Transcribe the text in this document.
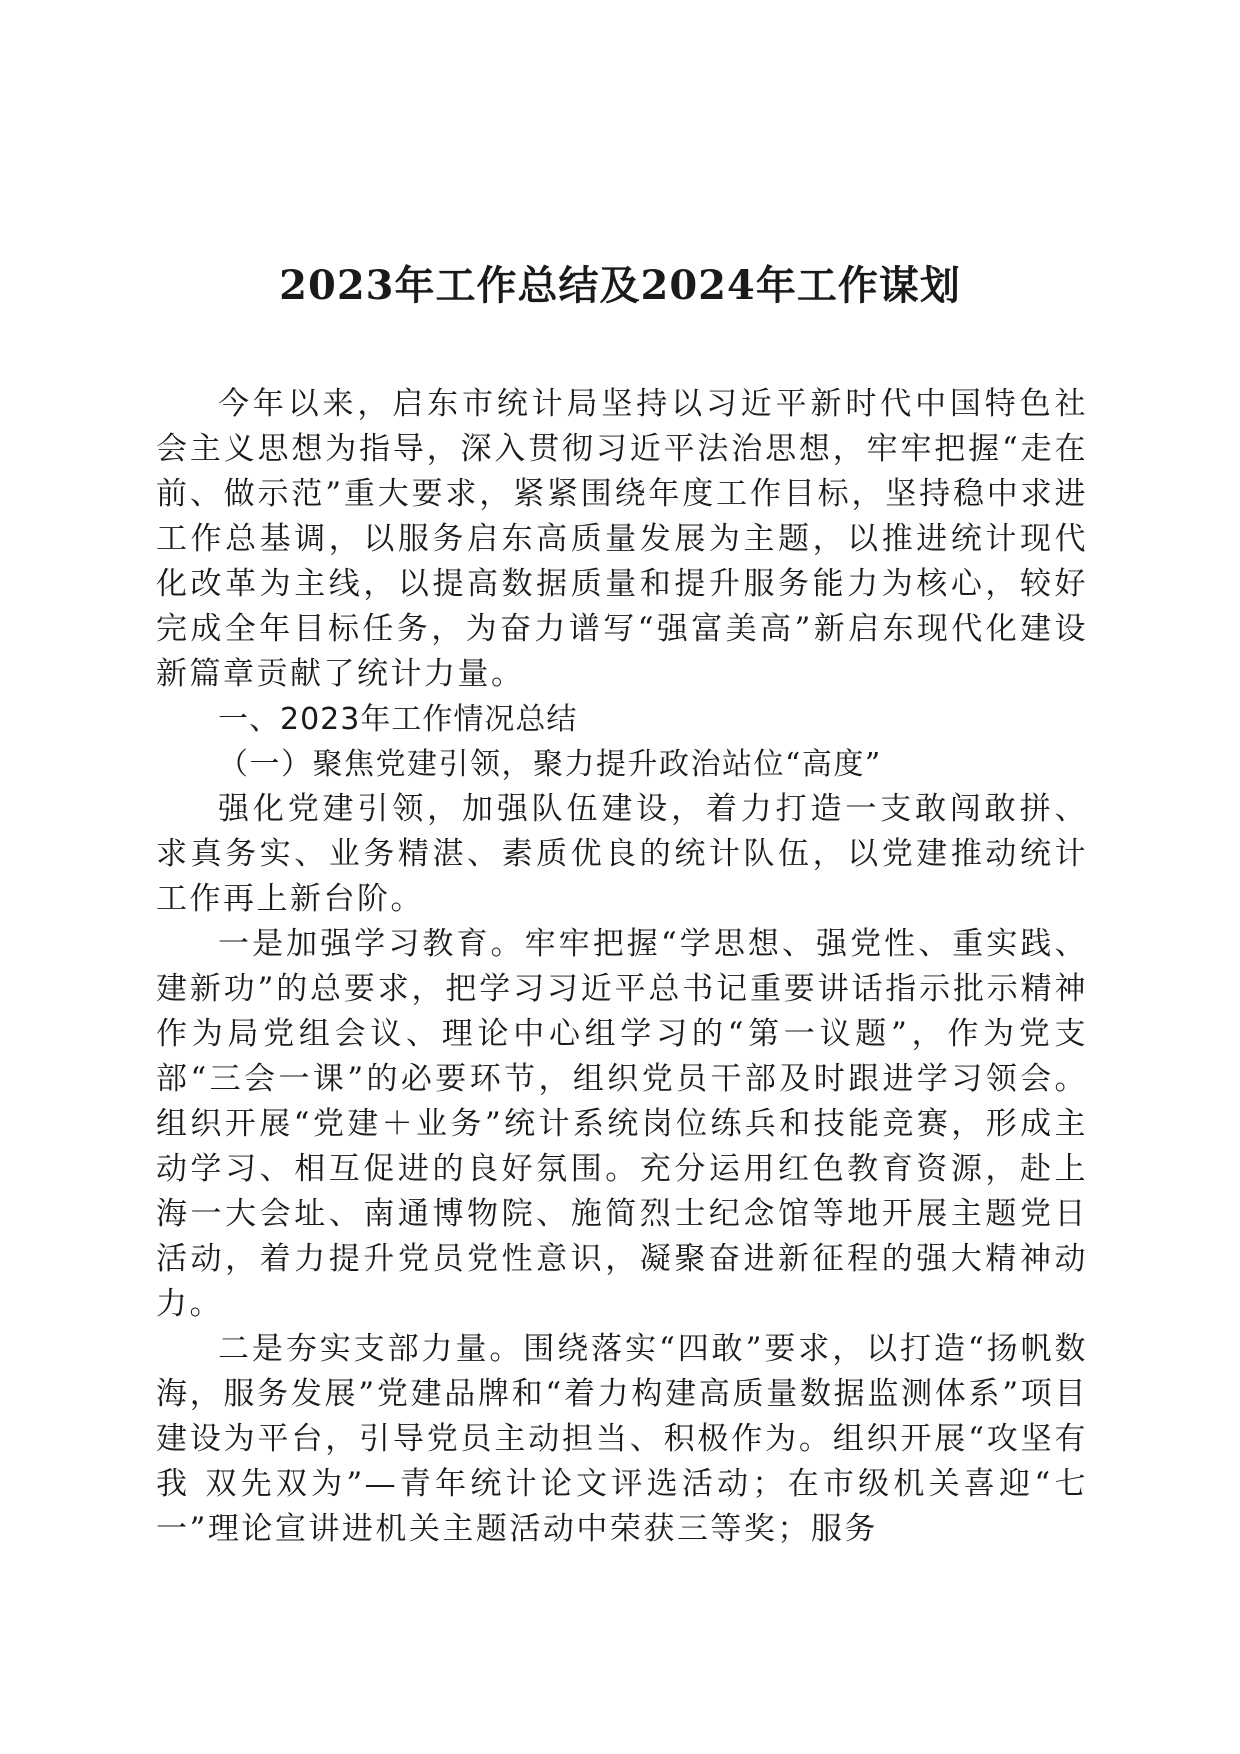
2023年工作总结及2024年工作谋划

今年以来，启东市统计局坚持以习近平新时代中国特色社会主义思想为指导，深入贯彻习近平法治思想，牢牢把握“走在前、做示范”重大要求，紧紧围绕年度工作目标，坚持稳中求进工作总基调，以服务启东高质量发展为主题，以推进统计现代化改革为主线，以提高数据质量和提升服务能力为核心，较好完成全年目标任务，为奋力谱写“强富美高”新启东现代化建设新篇章贡献了统计力量。

一、2023年工作情况总结

（一）聚焦党建引领，聚力提升政治站位“高度”

强化党建引领，加强队伍建设，着力打造一支敢闯敢拼、求真务实、业务精湛、素质优良的统计队伍，以党建推动统计工作再上新台阶。

一是加强学习教育。牢牢把握“学思想、强党性、重实践、建新功”的总要求，把学习习近平总书记重要讲话指示批示精神作为局党组会议、理论中心组学习的“第一议题”，作为党支部“三会一课”的必要环节，组织党员干部及时跟进学习领会。组织开展“党建＋业务”统计系统岗位练兵和技能竞赛，形成主动学习、相互促进的良好氛围。充分运用红色教育资源，赴上海一大会址、南通博物院、施简烈士纪念馆等地开展主题党日活动，着力提升党员党性意识，凝聚奋进新征程的强大精神动力。

二是夯实支部力量。围绕落实“四敢”要求，以打造“扬帆数海，服务发展”党建品牌和“着力构建高质量数据监测体系”项目建设为平台，引导党员主动担当、积极作为。组织开展“攻坚有我 双先双为”—青年统计论文评选活动；在市级机关喜迎“七一”理论宣讲进机关主题活动中荣获三等奖；服务
